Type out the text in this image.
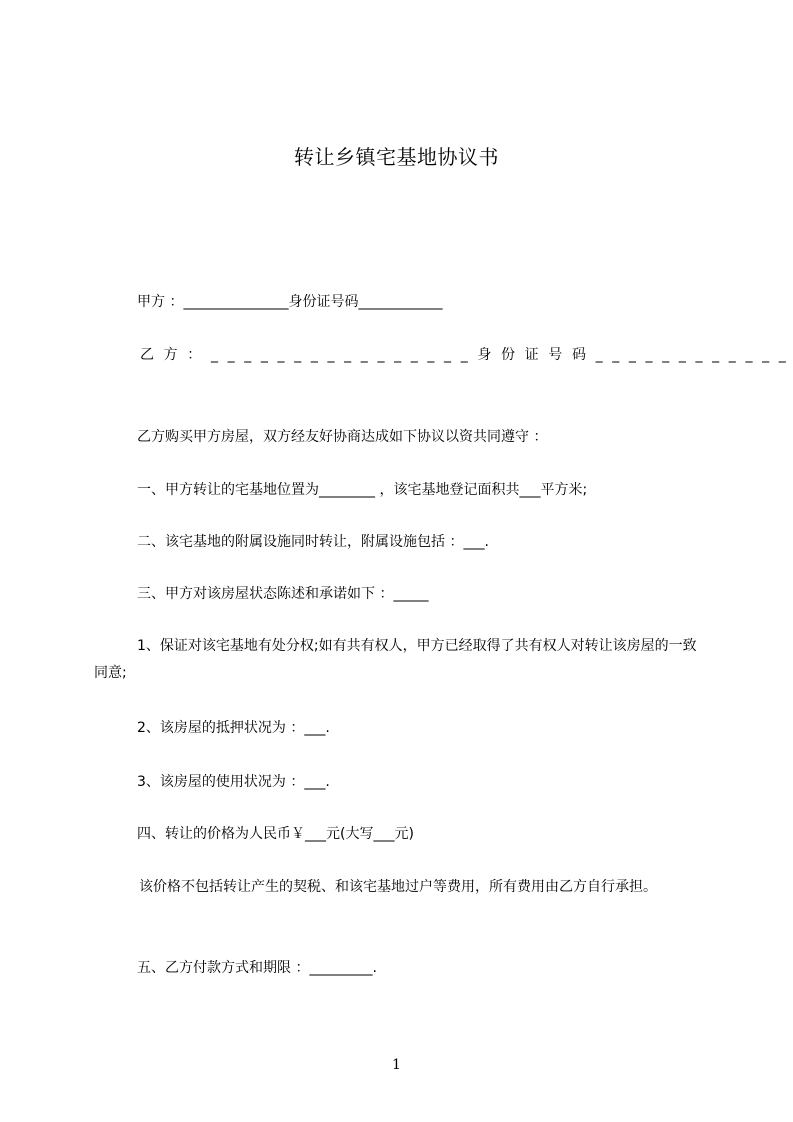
转让乡镇宅基地协议书
甲方 ：_______________身份证号码____________
乙 方 ： _ _ _ _ _ _ _ _ _ _ _ _ _ _ _ _ 身 份 证 号 码 _ _ _ _ _ _ _ _ _ _ _ _
乙方购买甲方房屋，双方经友好协商达成如下协议以资共同遵守 ：
一、甲方转让的宅基地位置为________ ，该宅基地登记面积共___平方米;
二、该宅基地的附属设施同时转让，附属设施包括 ：___.
三、甲方对该房屋状态陈述和承诺如下 ：_____
1、保证对该宅基地有处分权;如有共有权人，甲方已经取得了共有权人对转让该房屋的一致同意;
2、该房屋的抵押状况为 ：___.
3、该房屋的使用状况为 ：___.
四、转让的价格为人民币￥___元(大写___元)
该价格不包括转让产生的契税、和该宅基地过户等费用，所有费用由乙方自行承担。
五、乙方付款方式和期限 ：_________.
1
